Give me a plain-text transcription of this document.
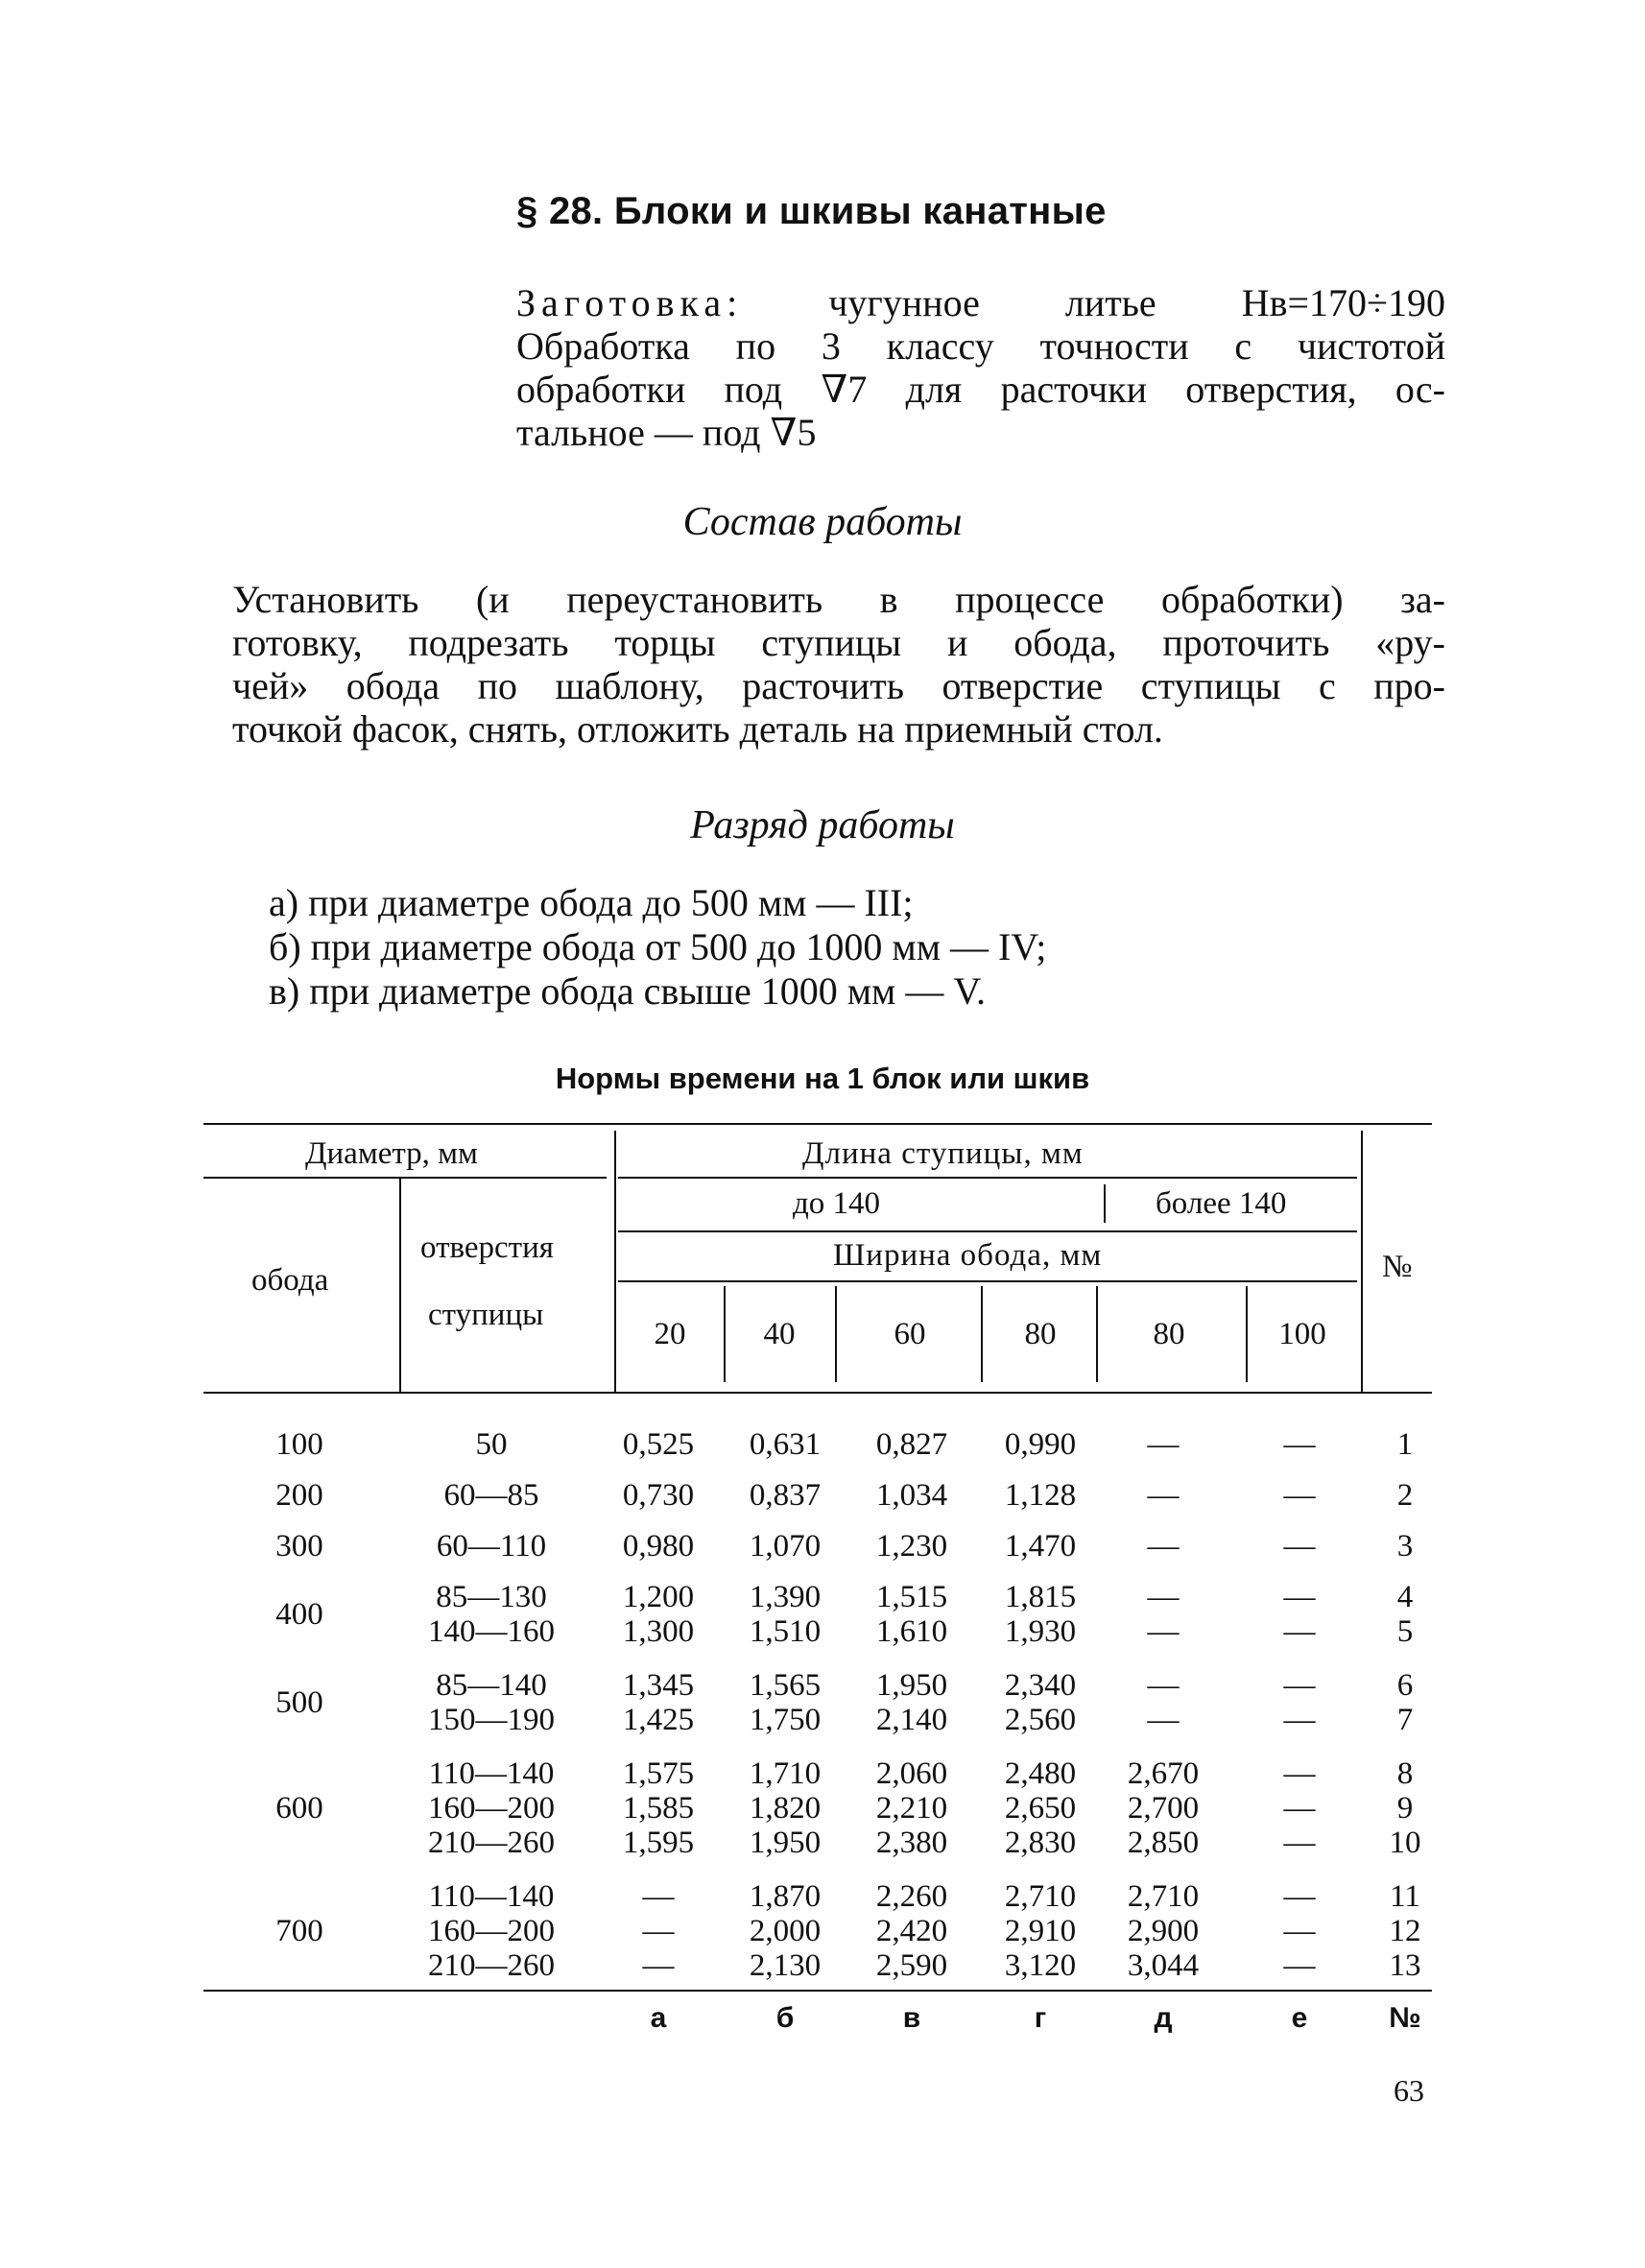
§ 28. Блоки и шкивы канатные
Заготовка: чугунное литье Нв=170÷190
Обработка по 3 классу точности с чистотой
обработки под ∇7 для расточки отверстия, ос-
тальное — под ∇5
Состав работы
Установить (и переустановить в процессе обработки) за-
готовку, подрезать торцы ступицы и обода, проточить «ру-
чей» обода по шаблону, расточить отверстие ступицы с про-
точкой фасок, снять, отложить деталь на приемный стол.
Разряд работы
а) при диаметре обода до 500 мм — III;
б) при диаметре обода от 500 до 1000 мм — IV;
в) при диаметре обода свыше 1000 мм — V.
Нормы времени на 1 блок или шкив
Диаметр, мм
обода
отверстия
ступицы
Длина ступицы, мм
до 140	более 140
Ширина обода, мм	№
20	40	60	80	80	100
100	50	0,525	0,631	0,827	0,990	—	—	1
200	60—85	0,730	0,837	1,034	1,128	—	—	2
300	60—110	0,980	1,070	1,230	1,470	—	—	3
400	85—130	1,200	1,390	1,515	1,815	—	—	4
140—160	1,300	1,510	1,610	1,930	—	—	5
500	85—140	1,345	1,565	1,950	2,340	—	—	6
150—190	1,425	1,750	2,140	2,560	—	—	7
600
110—140	1,575	1,710	2,060	2,480	2,670	—	8
160—200	1,585	1,820	2,210	2,650	2,700	—	9
210—260	1,595	1,950	2,380	2,830	2,850	—	10
700
110—140	—	1,870	2,260	2,710	2,710	—	11
160—200	—	2,000	2,420	2,910	2,900	—	12
210—260	—	2,130	2,590	3,120	3,044	—	13
а	б	в	г	д	е	№
63
